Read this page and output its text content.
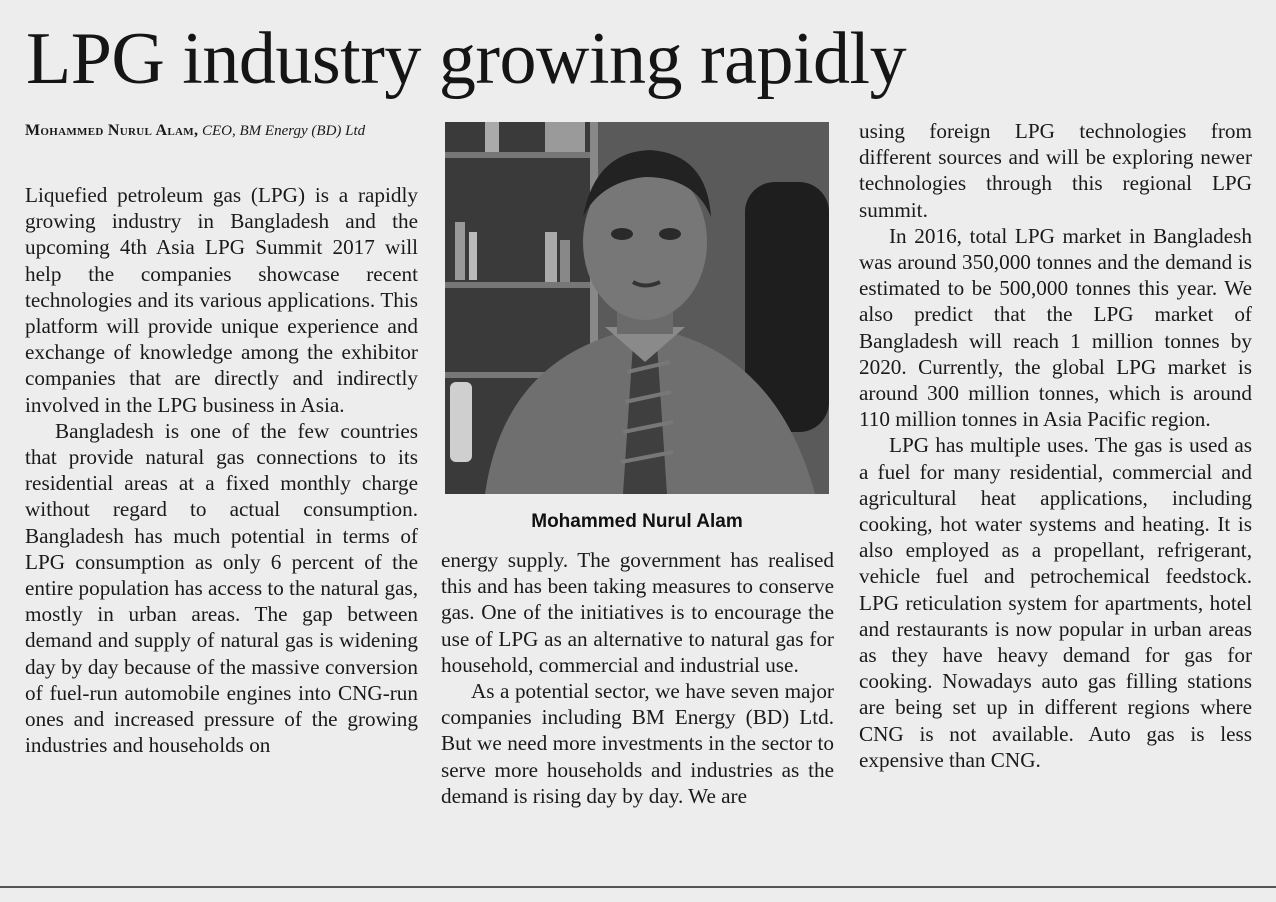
LPG industry growing rapidly
Mohammed Nurul Alam, CEO, BM Energy (BD) Ltd

Liquefied petroleum gas (LPG) is a rapidly growing industry in Bangladesh and the upcoming 4th Asia LPG Summit 2017 will help the companies showcase recent technologies and its various applications. This platform will provide unique experience and exchange of knowledge among the exhibitor companies that are directly and indirectly involved in the LPG business in Asia.

Bangladesh is one of the few countries that provide natural gas connections to its residential areas at a fixed monthly charge without regard to actual consumption. Bangladesh has much potential in terms of LPG consumption as only 6 percent of the entire population has access to the natural gas, mostly in urban areas. The gap between demand and supply of natural gas is widening day by day because of the massive conversion of fuel-run automobile engines into CNG-run ones and increased pressure of the growing industries and households on

Mohammed Nurul Alam

energy supply. The government has realised this and has been taking measures to conserve gas. One of the initiatives is to encourage the use of LPG as an alternative to natural gas for household, commercial and industrial use.

As a potential sector, we have seven major companies including BM Energy (BD) Ltd. But we need more investments in the sector to serve more households and industries as the demand is rising day by day. We are

using foreign LPG technologies from different sources and will be exploring newer technologies through this regional LPG summit.

In 2016, total LPG market in Bangladesh was around 350,000 tonnes and the demand is estimated to be 500,000 tonnes this year. We also predict that the LPG market of Bangladesh will reach 1 million tonnes by 2020. Currently, the global LPG market is around 300 million tonnes, which is around 110 million tonnes in Asia Pacific region.

LPG has multiple uses. The gas is used as a fuel for many residential, commercial and agricultural heat applications, including cooking, hot water systems and heating. It is also employed as a propellant, refrigerant, vehicle fuel and petrochemical feedstock. LPG reticulation system for apartments, hotel and restaurants is now popular in urban areas as they have heavy demand for gas for cooking. Nowadays auto gas filling stations are being set up in different regions where CNG is not available. Auto gas is less expensive than CNG.
